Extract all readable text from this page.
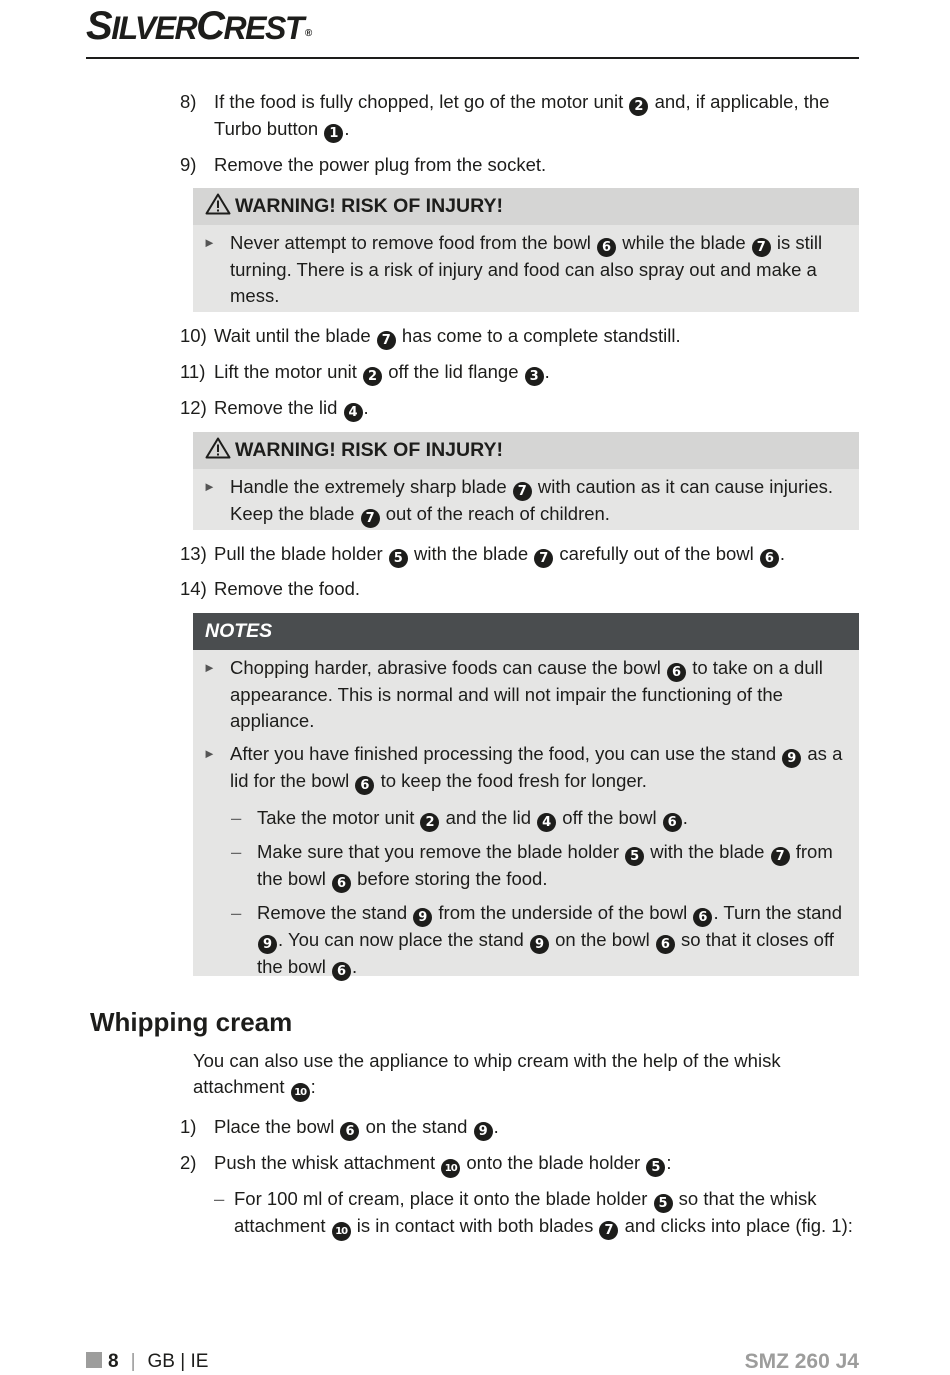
SILVERCREST ®
8) If the food is fully chopped, let go of the motor unit 2 and, if applicable, the Turbo button 1 .
9) Remove the power plug from the socket.
WARNING! RISK OF INJURY!
► Never attempt to remove food from the bowl 6 while the blade 7 is still turning. There is a risk of injury and food can also spray out and make a mess.
10) Wait until the blade 7 has come to a complete standstill.
11) Lift the motor unit 2 off the lid flange 3 .
12) Remove the lid 4 .
WARNING! RISK OF INJURY!
► Handle the extremely sharp blade 7 with caution as it can cause injuries. Keep the blade 7 out of the reach of children.
13) Pull the blade holder 5 with the blade 7 carefully out of the bowl 6 .
14) Remove the food.
NOTES
► Chopping harder, abrasive foods can cause the bowl 6 to take on a dull appearance. This is normal and will not impair the functioning of the appliance.
► After you have finished processing the food, you can use the stand 9 as a lid for the bowl 6 to keep the food fresh for longer.
– Take the motor unit 2 and the lid 4 off the bowl 6 .
– Make sure that you remove the blade holder 5 with the blade 7 from the bowl 6 before storing the food.
– Remove the stand 9 from the underside of the bowl 6 . Turn the stand 9 . You can now place the stand 9 on the bowl 6 so that it closes off the bowl 6 .
Whipping cream
You can also use the appliance to whip cream with the help of the whisk attachment 10 :
1) Place the bowl 6 on the stand 9 .
2) Push the whisk attachment 10 onto the blade holder 5 :
– For 100 ml of cream, place it onto the blade holder 5 so that the whisk attachment 10 is in contact with both blades 7 and clicks into place (fig. 1):
8 | GB | IE	SMZ 260 J4
